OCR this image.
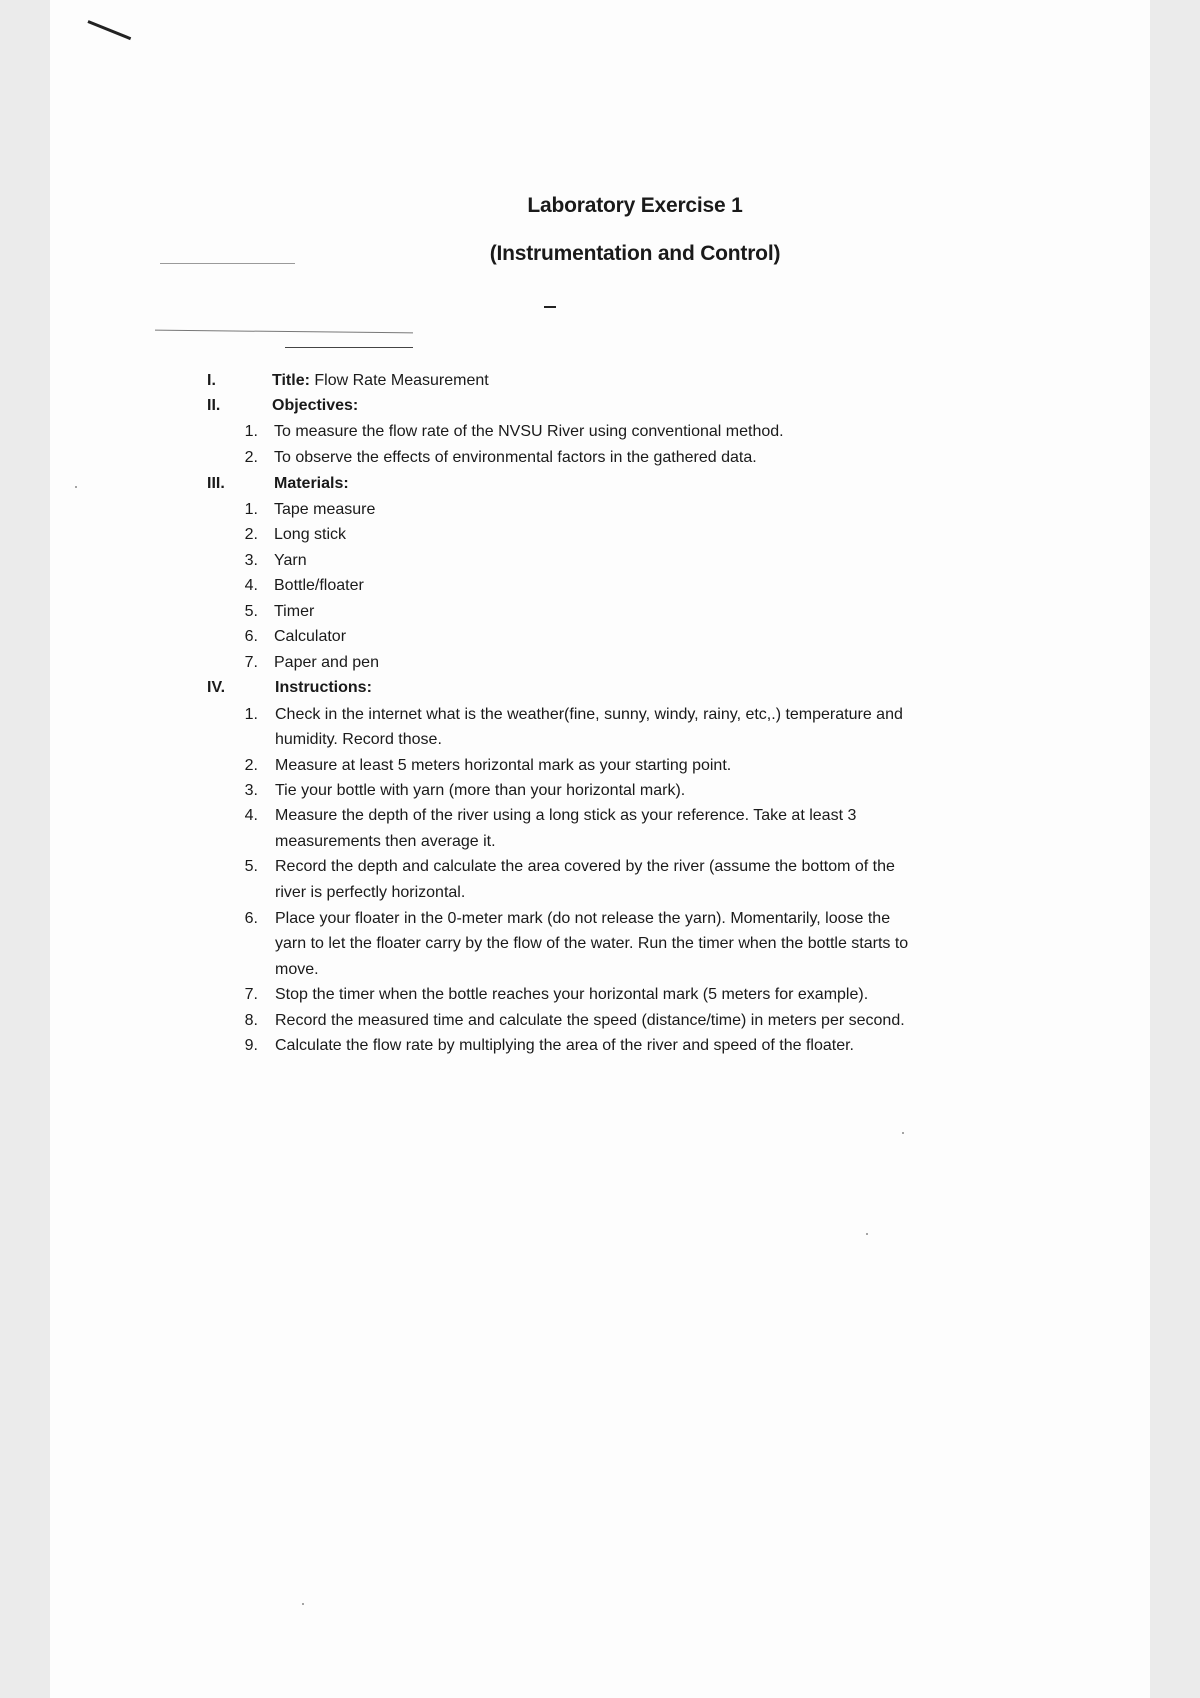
Laboratory Exercise 1
(Instrumentation and Control)
I.	Title: Flow Rate Measurement
II.	Objectives:
1. To measure the flow rate of the NVSU River using conventional method.
2. To observe the effects of environmental factors in the gathered data.
III.	Materials:
1. Tape measure
2. Long stick
3. Yarn
4. Bottle/floater
5. Timer
6. Calculator
7. Paper and pen
IV.	Instructions:
1. Check in the internet what is the weather(fine, sunny, windy, rainy, etc,.) temperature and
humidity. Record those.
2. Measure at least 5 meters horizontal mark as your starting point.
3. Tie your bottle with yarn (more than your horizontal mark).
4. Measure the depth of the river using a long stick as your reference. Take at least 3
measurements then average it.
5. Record the depth and calculate the area covered by the river (assume the bottom of the
river is perfectly horizontal.
6. Place your floater in the 0-meter mark (do not release the yarn). Momentarily, loose the
yarn to let the floater carry by the flow of the water. Run the timer when the bottle starts to
move.
7. Stop the timer when the bottle reaches your horizontal mark (5 meters for example).
8. Record the measured time and calculate the speed (distance/time) in meters per second.
9. Calculate the flow rate by multiplying the area of the river and speed of the floater.
